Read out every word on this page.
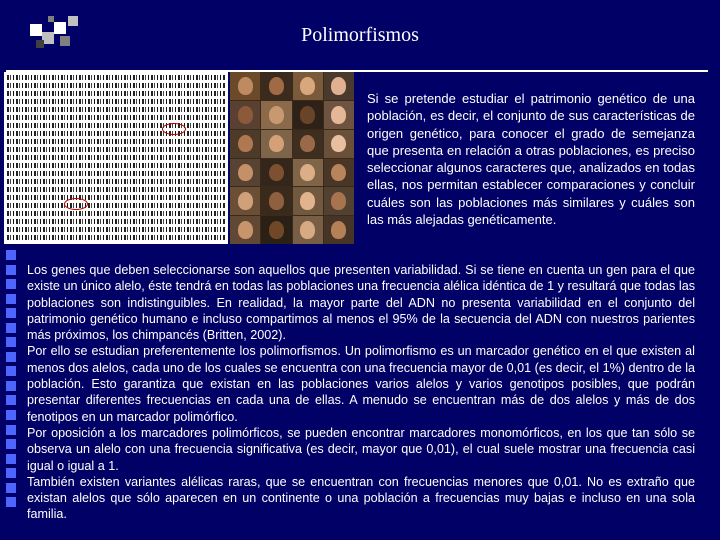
Polimorfismos
Si se pretende estudiar el patrimonio genético de una población, es decir, el conjunto de sus características de origen genético, para conocer el grado de semejanza que presenta en relación a otras poblaciones, es preciso seleccionar algunos caracteres que, analizados en todas ellas, nos permitan establecer comparaciones y concluir cuáles son las poblaciones más similares y cuáles son las más alejadas genéticamente.

Los genes que deben seleccionarse son aquellos que presenten variabilidad. Si se tiene en cuenta un gen para el que existe un único alelo, éste tendrá en todas las poblaciones una frecuencia alélica idéntica de 1 y resultará que todas las poblaciones son indistinguibles. En realidad, la mayor parte del ADN no presenta variabilidad en el conjunto del patrimonio genético humano e incluso compartimos al menos el 95% de la secuencia del ADN con nuestros parientes más próximos, los chimpancés (Britten, 2002).

Por ello se estudian preferentemente los polimorfismos. Un polimorfismo es un marcador genético en el que existen al menos dos alelos, cada uno de los cuales se encuentra con una frecuencia mayor de 0,01 (es decir, el 1%) dentro de la población. Esto garantiza que existan en las poblaciones varios alelos y varios genotipos posibles, que podrán presentar diferentes frecuencias en cada una de ellas. A menudo se encuentran más de dos alelos y más de dos fenotipos en un marcador polimórfico.

Por oposición a los marcadores polimórficos, se pueden encontrar marcadores monomórficos, en los que tan sólo se observa un alelo con una frecuencia significativa (es decir, mayor que 0,01), el cual suele mostrar una frecuencia casi igual o igual a 1.

También existen variantes alélicas raras, que se encuentran con frecuencias menores que 0,01. No es extraño que existan alelos que sólo aparecen en un continente o una población a frecuencias muy bajas e incluso en una sola familia.
